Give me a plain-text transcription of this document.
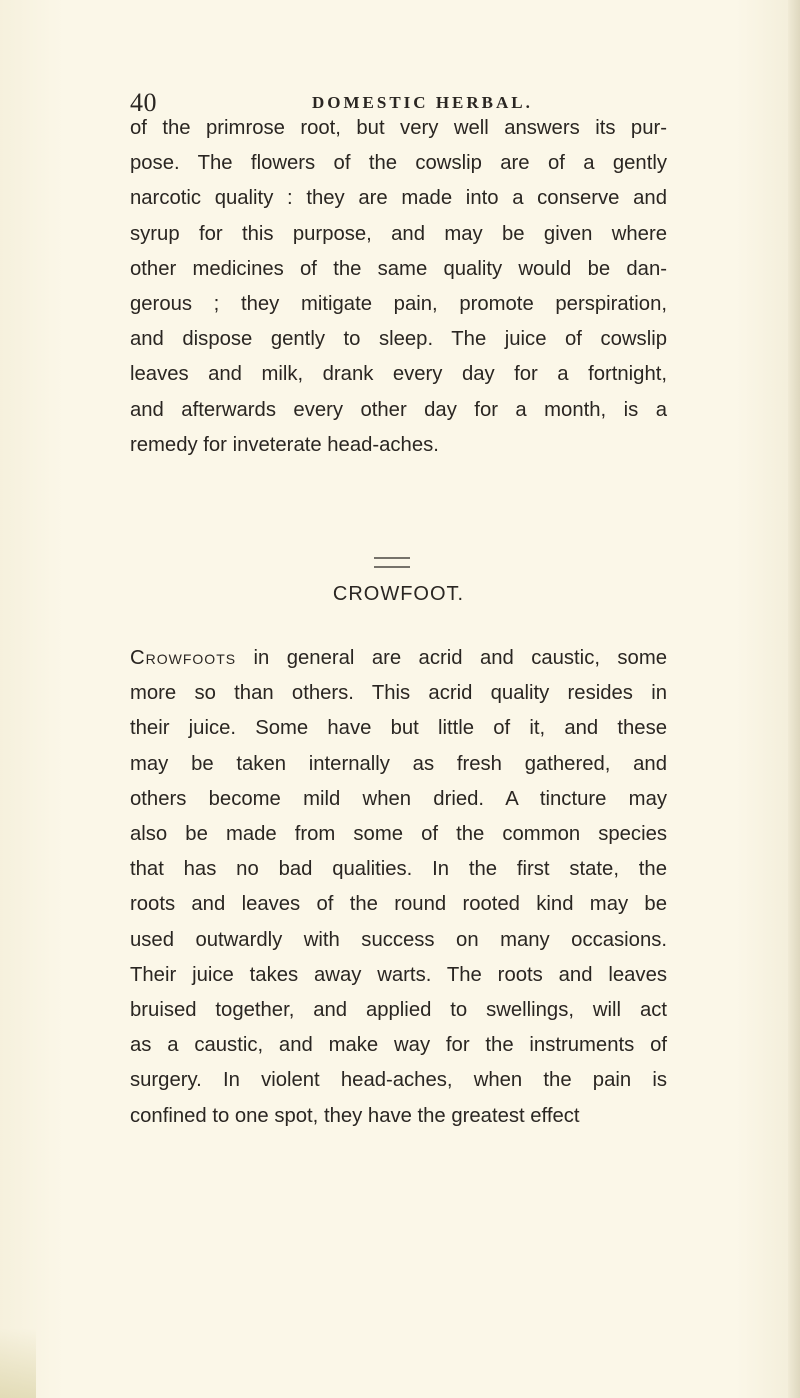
40	DOMESTIC HERBAL.
of the primrose root, but very well answers its pur-
pose. The flowers of the cowslip are of a gently
narcotic quality : they are made into a conserve and
syrup for this purpose, and may be given where
other medicines of the same quality would be dan-
gerous ; they mitigate pain, promote perspiration,
and dispose gently to sleep. The juice of cowslip
leaves and milk, drank every day for a fortnight,
and afterwards every other day for a month, is a
remedy for inveterate head-aches.
CROWFOOT.
Crowfoots in general are acrid and caustic, some
more so than others. This acrid quality resides in
their juice. Some have but little of it, and these
may be taken internally as fresh gathered, and
others become mild when dried. A tincture may
also be made from some of the common species
that has no bad qualities. In the first state, the
roots and leaves of the round rooted kind may be
used outwardly with success on many occasions.
Their juice takes away warts. The roots and leaves
bruised together, and applied to swellings, will act
as a caustic, and make way for the instruments of
surgery. In violent head-aches, when the pain is
confined to one spot, they have the greatest effect
